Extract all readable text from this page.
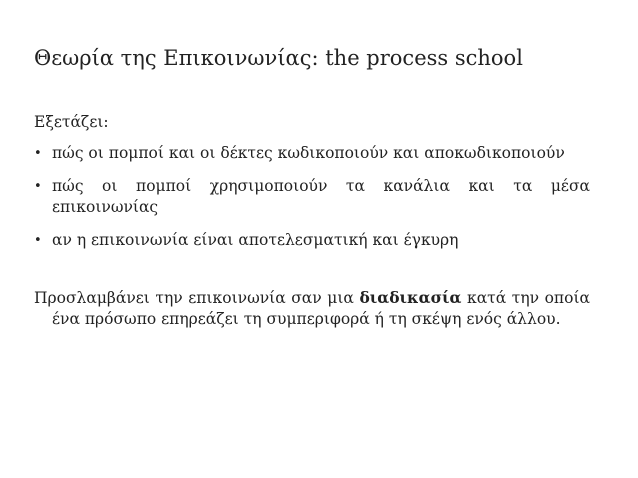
Θεωρία της Επικοινωνίας: the process school
Εξετάζει:
• πώς οι πομποί και οι δέκτες κωδικοποιούν και αποκωδικοποιούν
• πώς οι πομποί χρησιμοποιούν τα κανάλια και τα μέσα επικοινωνίας
• αν η επικοινωνία είναι αποτελεσματική και έγκυρη
Προσλαμβάνει την επικοινωνία σαν μια διαδικασία κατά την οποία ένα πρόσωπο επηρεάζει τη συμπεριφορά ή τη σκέψη ενός άλλου.
